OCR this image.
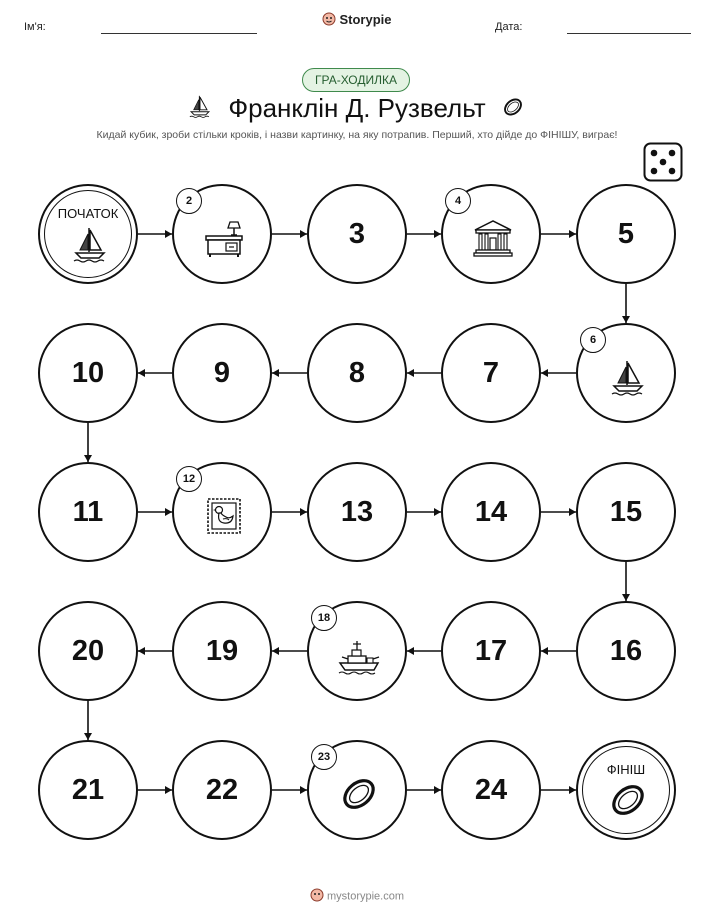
Ім'я:	Storypie	Дата:
ГРА-ХОДИЛКА
Франклін Д. Рузвельт
Кидай кубик, зроби стільки кроків, і назви картинку, на яку потрапив. Перший, хто дійде до ФІНІШУ, виграє!
ПОЧАТОК
2
3
4
5
6
7
8
9
10
11
12
13	14	15
16
17
18
19
20
21	22
23
24
ФІНІШ
mystorypie.com
